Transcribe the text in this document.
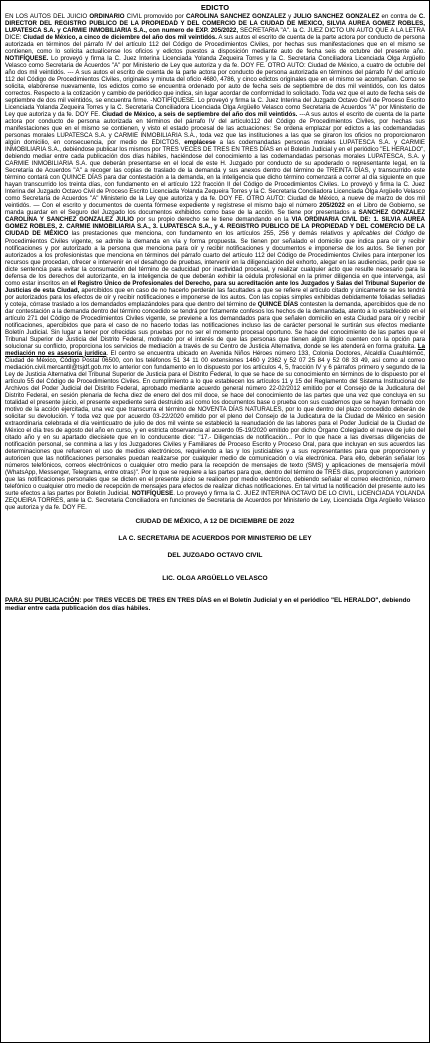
EDICTO

EN LOS AUTOS DEL JUICIO ORDINARIO CIVIL promovido por CAROLINA SANCHEZ GONZALEZ y JULIO SANCHEZ GONZALEZ en contra de C. DIRECTOR DEL REGISTRO PUBLICO DE LA PROPIEDAD Y DEL COMERCIO DE LA CIUDAD DE MEXICO, SILVIA AUREA GOMEZ ROBLES, LUPATESCA S.A. y CARMIE INMOBILIARIA S.A., con numero de EXP. 205/2022, SECRETARIA "A". la C. JUEZ DICTO UN AUTO QUE A LA LETRA DICE: Ciudad de México, a cinco de diciembre del año dos mil veintidós. A sus autos el escrito de cuenta de la parte actora por conducto de persona autorizada en términos del párrafo IV del artículo 112 del Código de Procedimientos Civiles, por hechas sus manifestaciones que en el mismo se contienen, como lo solicita actualícense los oficios y edictos puestos a disposición mediante auto de fecha seis de octubre del presente año. NOTIFÍQUESE. Lo proveyó y firma la C. Juez Interina Licenciada Yolanda Zequeira Torres y la C. Secretaria Conciliadora Licenciada Olga Argüello Velasco como Secretaria de Acuerdos "A" por Ministerio de Ley que autoriza y da fe. DOY FE. OTRO AUTO: Ciudad de México, a cuatro de octubre del año dos mil veintidós. --- A sus autos el escrito de cuenta de la parte actora por conducto de persona autorizada en términos del párrafo IV del artículo 112 del Código de Procedimientos Civiles, originales y minuta del oficio 4680, 4786, y cinco edictos originales que en el mismo se acompañan. Como se solicita, elabórense nuevamente, los edictos como se encuentra ordenado por auto de fecha seis de septiembre de dos mil veintidós, con los datos correctos. Respecto a la cotización y cambio de periódico que indica, sin lugar acordar de conformidad lo solicitado. Toda vez que el auto de fecha seis de septiembre de dos mil veintidós, se encuentra firme. -NOTIFÍQUESE. Lo proveyó y firma la C. Juez Interina del Juzgado Octavo Civil de Proceso Escrito Licenciada Yolanda Zequeira Torres y la C. Secretaria Conciliadora Licenciada Olga Argüello Velasco como Secretaria de Acuerdos "A" por Ministerio de Ley que autoriza y da fe. DOY FE. Ciudad de México, a seis de septiembre del año dos mil veintidós. ---A sus autos el escrito de cuenta de la parte actora por conducto de persona autorizada en términos del párrafo IV del artículo112 del Código de Procedimientos Civiles, por hechas sus manifestaciones que en el mismo se contienen, y visto el estado procesal de las actuaciones: Se ordena emplazar por edictos a las codemandadas personas morales LUPATESCA S.A. y CARMIE INMOBILIARIA S.A., toda vez que las instituciones a las que se giraron los oficios no proporcionaron algún domicilio, en consecuencia, por medio de EDICTOS, emplácese a las codemandadas personas morales LUPATESCA S.A. y CARMIE INMOBILIARIA S.A., debiéndose publicar los mismos por TRES VECES DE TRES EN TRES DÍAS en el Boletín Judicial y en el periódico "EL HERALDO", debiendo mediar entre cada publicación dos días hábiles, haciéndose del conocimiento a las codemandadas personas morales LUPATESCA, S.A. y CARMIE INMOBILIARIA S.A. que deberán presentarse en el local de este H. Juzgado por conducto de su apoderado o representante legal, en la Secretaría de Acuerdos "A" a recoger las copias de traslado de la demanda y sus anexos dentro del término de TREINTA DÍAS, y transcurrido este término contará con QUINCE DÍAS para dar contestación a la demanda, en la inteligencia que dicho término comenzará a correr al día siguiente en que hayan transcurrido los treinta días, con fundamento en el artículo 122 fracción II del Código de Procedimientos Civiles. Lo proveyó y firma la C. Juez Interina del Juzgado Octavo Civil de Proceso Escrito Licenciada Yolanda Zequeira Torres y la C. Secretaria Conciliadora Licenciada Olga Argüello Velasco como Secretaria de Acuerdos "A" Ministerio de la Ley que autoriza y da fe. DOY FE. OTRO AUTO: Ciudad de México, a nueve de marzo de dos mil veintidós. — Con el escrito y documentos de cuenta fórmese expediente y regístrese el mismo bajo el número 205/2022 en el Libro de Gobierno, se manda guardar en el Seguro del Juzgado los documentos exhibidos como base de la acción. Se tiene por presentados a SANCHEZ GONZALEZ CAROLINA Y SANCHEZ GONZALEZ JULIO por su propio derecho se le tiene demandando en la VIA ORDINARIA CIVIL DE: 1. SILVIA AUREA GOMEZ ROBLES, 2. CARMIE INMOBILIARIA S.A., 3. LUPATESCA S.A., y 4. REGISTRO PUBLICO DE LA PROPIEDAD Y DEL COMERCIO DE LA CIUDAD DE MÉXICO las prestaciones que menciona, con fundamento en los artículos 255, 256 y demás relativos y aplicables del Código de Procedimientos Civiles vigente, se admite la demanda en vía y forma propuesta. Se tienen por señalado el domicilio que indica para oír y recibir notificaciones y por autorizado a la persona que menciona para oír y recibir notificaciones y documentos e imponerse de los autos. Se tienen por autorizados a los profesionistas que menciona en términos del párrafo cuarto del artículo 112 del Código de Procedimientos Civiles para interponer los recursos que procedan, ofrecer e intervenir en el desahogo de pruebas, intervenir en la diligenciación del exhorto, alegar en las audiencias, pedir que se dicte sentencia para evitar la consumación del término de caducidad por inactividad procesal, y realizar cualquier acto que resulte necesario para la defensa de los derechos del autorizante, en la inteligencia de que deberán exhibir la cédula profesional en la primer diligencia en que intervenga, así como estar inscritos en el Registro Único de Profesionales del Derecho, para su acreditación ante los Juzgados y Salas del Tribunal Superior de Justicias de esta Ciudad, apercibidos que en caso de no hacerlo perderán las facultades a que se refiere el artículo citado y únicamente se les tendrá por autorizados para los efectos de oír y recibir notificaciones e imponerse de los autos. Con las copias simples exhibidas debidamente foliadas selladas y coteja, córrase traslado a los demandados emplazándoles para que dentro del término de QUINCE DÍAS contesten la demanda, apercibidos que de no dar contestación a la demanda dentro del término concedido se tendrá por fictamente confesos los hechos de la demandada, atento a lo establecido en el artículo 271 del Código de Procedimientos Civiles vigente, se previene a los demandados para que señalen domicilio en esta Ciudad para oír y recibir notificaciones, apercibidos que para el caso de no hacerlo todas las notificaciones incluso las de carácter personal le surtirán sus efectos mediante Boletín Judicial. Sin lugar a tener por ofrecidas sus pruebas por no ser el momento procesal oportuno. Se hace del conocimiento de las partes que el Tribunal Superior de Justicia del Distrito Federal, motivado por el interés de que las personas que tienen algún litigio cuenten con la opción para solucionar su conflicto, proporciona los servicios de mediación a través de su Centro de Justicia Alternativa, donde se les atenderá en forma gratuita. La mediación no es asesoría jurídica. El centro se encuentra ubicado en Avenida Niños Héroes número 133, Colonia Doctores, Alcaldía Cuauhtémoc, Ciudad de México, Código Postal 06500, con los teléfonos 51 34 11 00 extensiones 1460 y 2362 y 52 07 25 84 y 52 08 33 49, así como al correo mediación.civil.mercantil@tsjdf.gob.mx lo anterior con fundamento en lo dispuesto por los artículos 4, 5, fracción IV y 6 párrafos primero y segundo de la Ley de Justicia Alternativa del Tribunal Superior de Justicia para el Distrito Federal, lo que se hace de su conocimiento en términos de lo dispuesto por el artículo 55 del Código de Procedimientos Civiles. En cumplimiento a lo que establecen los artículos 11 y 15 del Reglamento del Sistema Institucional de Archivos del Poder Judicial del Distrito Federal, aprobado mediante acuerdo general número 22-02/2012 emitido por el Consejo de la Judicatura del Distrito Federal, en sesión plenaria de fecha diez de enero del dos mil doce, se hace del conocimiento de las partes que una vez que concluya en su totalidad el presente juicio, el presente expediente será destruido así como los documentos base o prueba con sus cuadernos que se hayan formado con motivo de la acción ejercitada, una vez que transcurra el término de NOVENTA DÍAS NATURALES, por lo que dentro del plazo concedido deberán de solicitar su devolución. Y toda vez que por acuerdo 03-22/2020 emitido por el pleno del Consejo de la Judicatura de la Ciudad de México en sesión extraordinaria celebrada el día veinticuatro de julio de dos mil veinte se estableció la reanudación de las labores para el Poder Judicial de la Ciudad de México el día tres de agosto del año en curso, y en estricta observancia al acuerdo 05-19/2020 emitido por dicho Órgano Colegiado el nueve de julio del citado año y en su apartado diecisiete que en lo conducente dice: "17.- Diligencias de notificación... Por lo que hace a las diversas diligencias de notificación personal, se conmina a las y los Juzgadores Civiles y Familiares de Proceso Escrito y Proceso Oral, para que incluyan en sus acuerdos las determinaciones que refuercen el uso de medios electrónicos, requiriendo a las y los justiciables y a sus representantes para que proporcionen y autoricen que las notificaciones personales puedan realizarse por cualquier medio de comunicación o vía electrónica. Para ello, deberán señalar los números telefónicos, correos electrónicos o cualquier otro medio para la recepción de mensajes de texto (SMS) y aplicaciones de mensajería móvil (WhatsApp, Messenger, Telegrama, entre otras)". Por lo que se requiere a las partes para que, dentro del término de TRES días, proporcionen y autoricen que las notificaciones personales que se dicten en el presente juicio se realicen por medio electrónico, debiendo señalar el correo electrónico, número telefónico o cualquier otro medio de recepción de mensajes para efectos de realizar dichas notificaciones. En tal virtud la notificación del presente auto les surte efectos a las partes por Boletín Judicial. NOTIFÍQUESE. Lo proveyó y firma la C. JUEZ INTERINA OCTAVO DE LO CIVIL, LICENCIADA YOLANDA ZEQUEIRA TORRES, ante la C. Secretaria Conciliadora en funciones de Secretaria de Acuerdos por Ministerio de Ley, Licenciada Olga Argüello Velasco que autoriza y da fe. DOY FE.

CIUDAD DE MÉXICO, A 12 DE DICIEMBRE DE 2022
LA C. SECRETARIA DE ACUERDOS POR MINISTERIO DE LEY
DEL JUZGADO OCTAVO CIVIL
LIC. OLGA ARGÜELLO VELASCO

PARA SU PUBLICACIÓN: por TRES VECES DE TRES EN TRES DÍAS en el Boletín Judicial y en el periódico "EL HERALDO", debiendo mediar entre cada publicación dos días hábiles.
